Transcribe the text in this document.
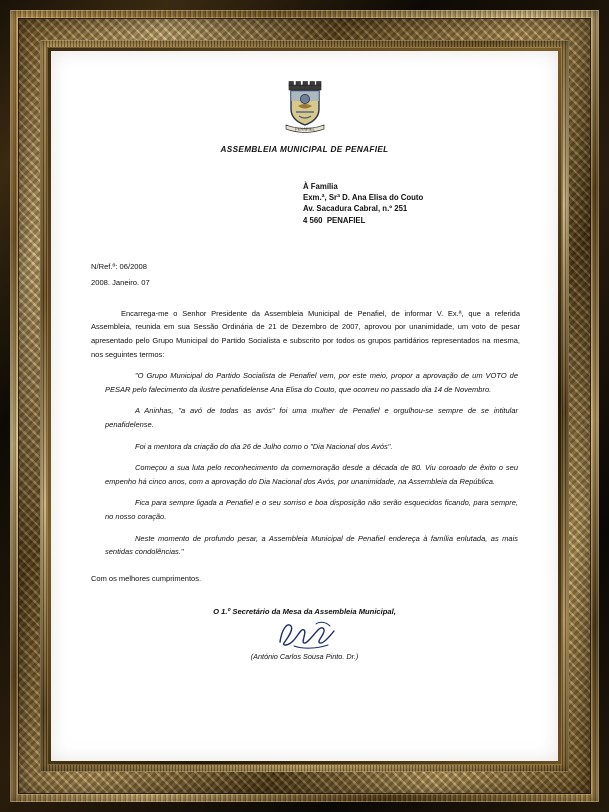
PENAFIEL
ASSEMBLEIA MUNICIPAL DE PENAFIEL
À Família
Exm.ª, Srª D. Ana Elisa do Couto
Av. Sacadura Cabral, n.º 251
4 560  PENAFIEL
N/Ref.º: 06/2008
2008. Janeiro. 07

Encarrega-me o Senhor Presidente da Assembleia Municipal de Penafiel, de informar V. Ex.ª, que a referida Assembleia, reunida em sua Sessão Ordinária de 21 de Dezembro de 2007, aprovou por unanimidade, um voto de pesar apresentado pelo Grupo Municipal do Partido Socialista e subscrito por todos os grupos partidários representados na mesma, nos seguintes termos:

"O Grupo Municipal do Partido Socialista de Penafiel vem, por este meio, propor a aprovação de um VOTO de PESAR pelo falecimento da ilustre penafidelense Ana Elisa do Couto, que ocorreu no passado dia 14 de Novembro.

A Aninhas, "a avó de todas as avós" foi uma mulher de Penafiel e orgulhou-se sempre de se intitular penafidelense.

Foi a mentora da criação do dia 26 de Julho como o "Dia Nacional dos Avós".

Começou a sua luta pelo reconhecimento da comemoração desde a década de 80. Viu coroado de êxito o seu empenho há cinco anos, com a aprovação do Dia Nacional dos Avós, por unanimidade, na Assembleia da República.

Fica para sempre ligada a Penafiel e o seu sorriso e boa disposição não serão esquecidos ficando, para sempre, no nosso coração.

Neste momento de profundo pesar, a Assembleia Municipal de Penafiel endereça à família enlutada, as mais sentidas condolências."

Com os melhores cumprimentos.

O 1.º Secretário da Mesa da Assembleia Municipal,
(António Carlos Sousa Pinto. Dr.)
